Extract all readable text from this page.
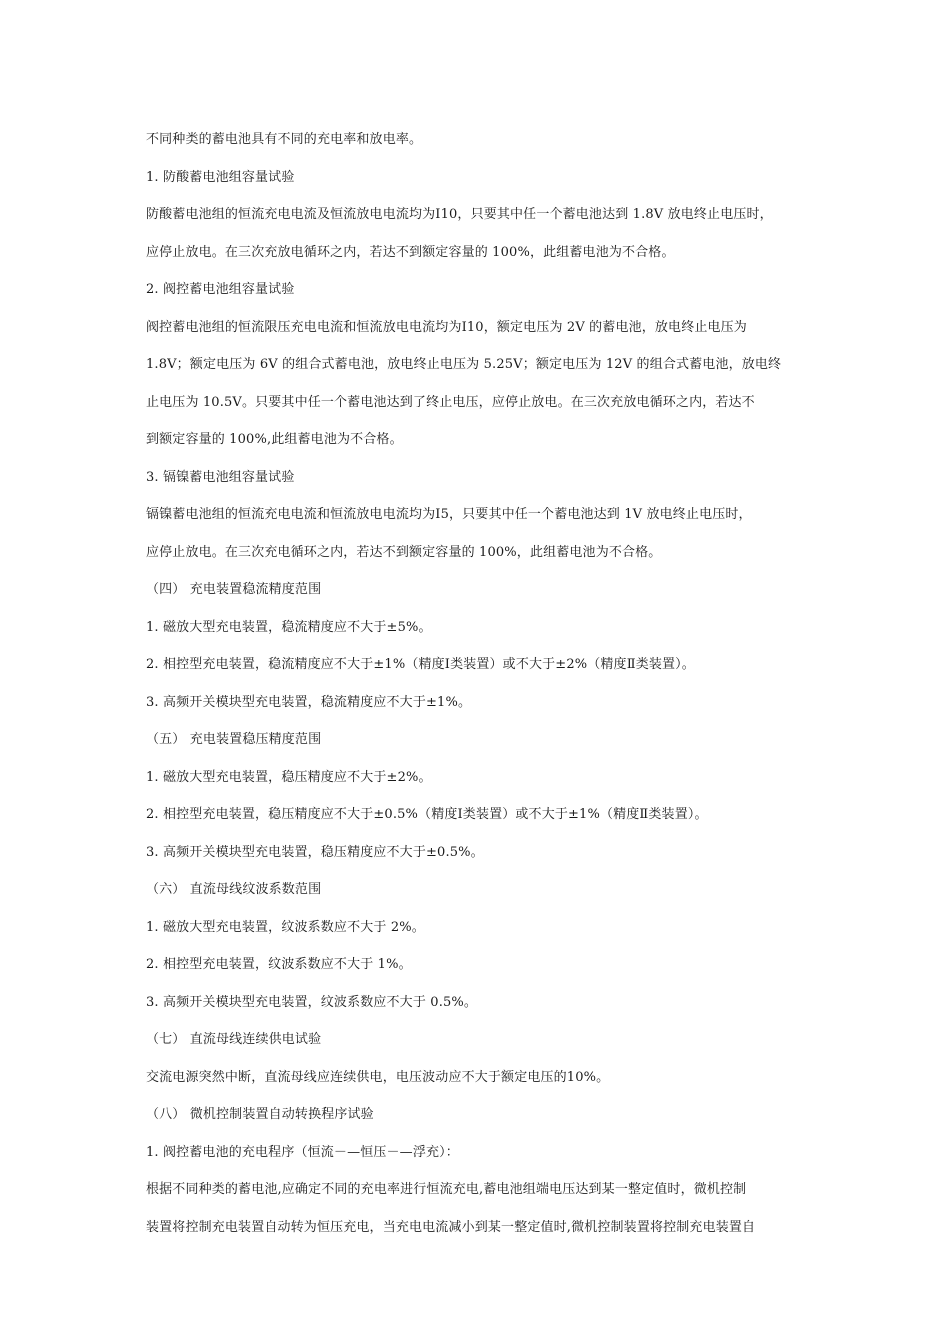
不同种类的蓄电池具有不同的充电率和放电率。
1. 防酸蓄电池组容量试验
防酸蓄电池组的恒流充电电流及恒流放电电流均为I10，只要其中任一个蓄电池达到 1.8V 放电终止电压时，
应停止放电。在三次充放电循环之内，若达不到额定容量的 100%，此组蓄电池为不合格。
2. 阀控蓄电池组容量试验
阀控蓄电池组的恒流限压充电电流和恒流放电电流均为I10，额定电压为 2V 的蓄电池，放电终止电压为
1.8V；额定电压为 6V 的组合式蓄电池，放电终止电压为 5.25V；额定电压为 12V 的组合式蓄电池，放电终
止电压为 10.5V。只要其中任一个蓄电池达到了终止电压，应停止放电。在三次充放电循环之内，若达不
到额定容量的 100%,此组蓄电池为不合格。
3. 镉镍蓄电池组容量试验
镉镍蓄电池组的恒流充电电流和恒流放电电流均为I5，只要其中任一个蓄电池达到 1V 放电终止电压时，
应停止放电。在三次充电循环之内，若达不到额定容量的 100%，此组蓄电池为不合格。
（四） 充电装置稳流精度范围
1. 磁放大型充电装置，稳流精度应不大于±5%。
2. 相控型充电装置，稳流精度应不大于±1%（精度Ⅰ类装置）或不大于±2%（精度Ⅱ类装置）。
3. 高频开关模块型充电装置，稳流精度应不大于±1%。
（五） 充电装置稳压精度范围
1. 磁放大型充电装置，稳压精度应不大于±2%。
2. 相控型充电装置，稳压精度应不大于±0.5%（精度Ⅰ类装置）或不大于±1%（精度Ⅱ类装置）。
3. 高频开关模块型充电装置，稳压精度应不大于±0.5%。
（六） 直流母线纹波系数范围
1. 磁放大型充电装置，纹波系数应不大于 2%。
2. 相控型充电装置，纹波系数应不大于 1%。
3. 高频开关模块型充电装置，纹波系数应不大于 0.5%。
（七） 直流母线连续供电试验
交流电源突然中断，直流母线应连续供电，电压波动应不大于额定电压的10%。
（八） 微机控制装置自动转换程序试验
1. 阀控蓄电池的充电程序（恒流－—恒压－—浮充）：
根据不同种类的蓄电池,应确定不同的充电率进行恒流充电,蓄电池组端电压达到某一整定值时，微机控制
装置将控制充电装置自动转为恒压充电，当充电电流减小到某一整定值时,微机控制装置将控制充电装置自
